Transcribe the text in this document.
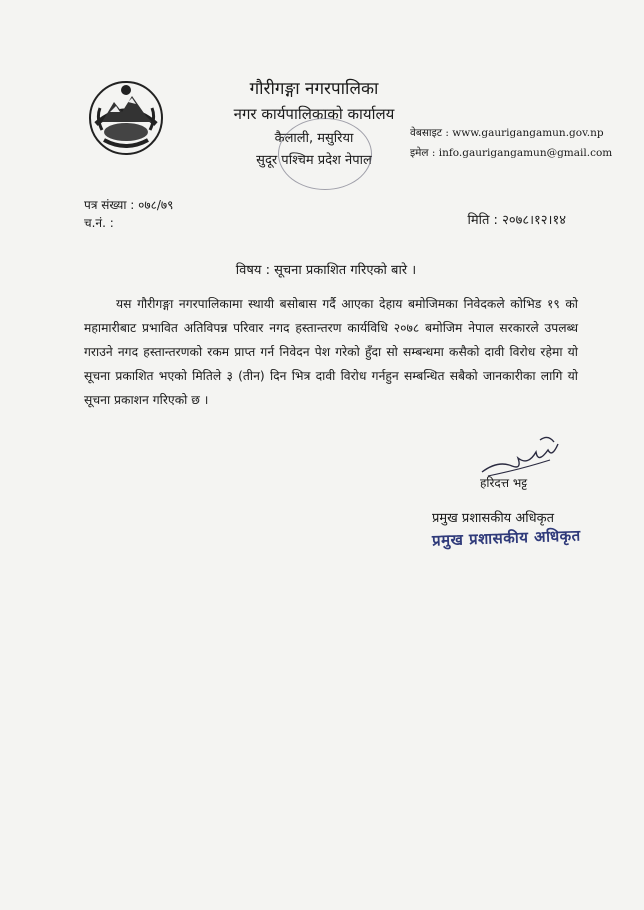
गौरीगङ्गा नगरपालिका
नगर कार्यपालिकाको कार्यालय
कैलाली, मसुरिया
सुदूर पश्चिम प्रदेश नेपाल
वेबसाइट : www.gaurigangamun.gov.np
इमेल : info.gaurigangamun@gmail.com
पत्र संख्या : ०७८/७९
च.नं. :	मिति : २०७८।१२।१४
विषय : सूचना प्रकाशित गरिएको बारे ।
यस गौरीगङ्गा नगरपालिकामा स्थायी बसोबास गर्दै आएका देहाय बमोजिमका निवेदकले कोभिड १९ को महामारीबाट प्रभावित अतिविपन्न परिवार नगद हस्तान्तरण कार्यविधि २०७८ बमोजिम नेपाल सरकारले उपलब्ध गराउने नगद हस्तान्तरणको रकम प्राप्त गर्न निवेदन पेश गरेको हुँदा सो सम्बन्धमा कसैको दावी विरोध रहेमा यो सूचना प्रकाशित भएको मितिले ३ (तीन) दिन भित्र दावी विरोध गर्नहुन सम्बन्धित सबैको जानकारीका लागि यो सूचना प्रकाशन गरिएको छ ।
हरिदत्त भट्ट
प्रमुख प्रशासकीय अधिकृत
प्रमुख प्रशासकीय अधिकृत
